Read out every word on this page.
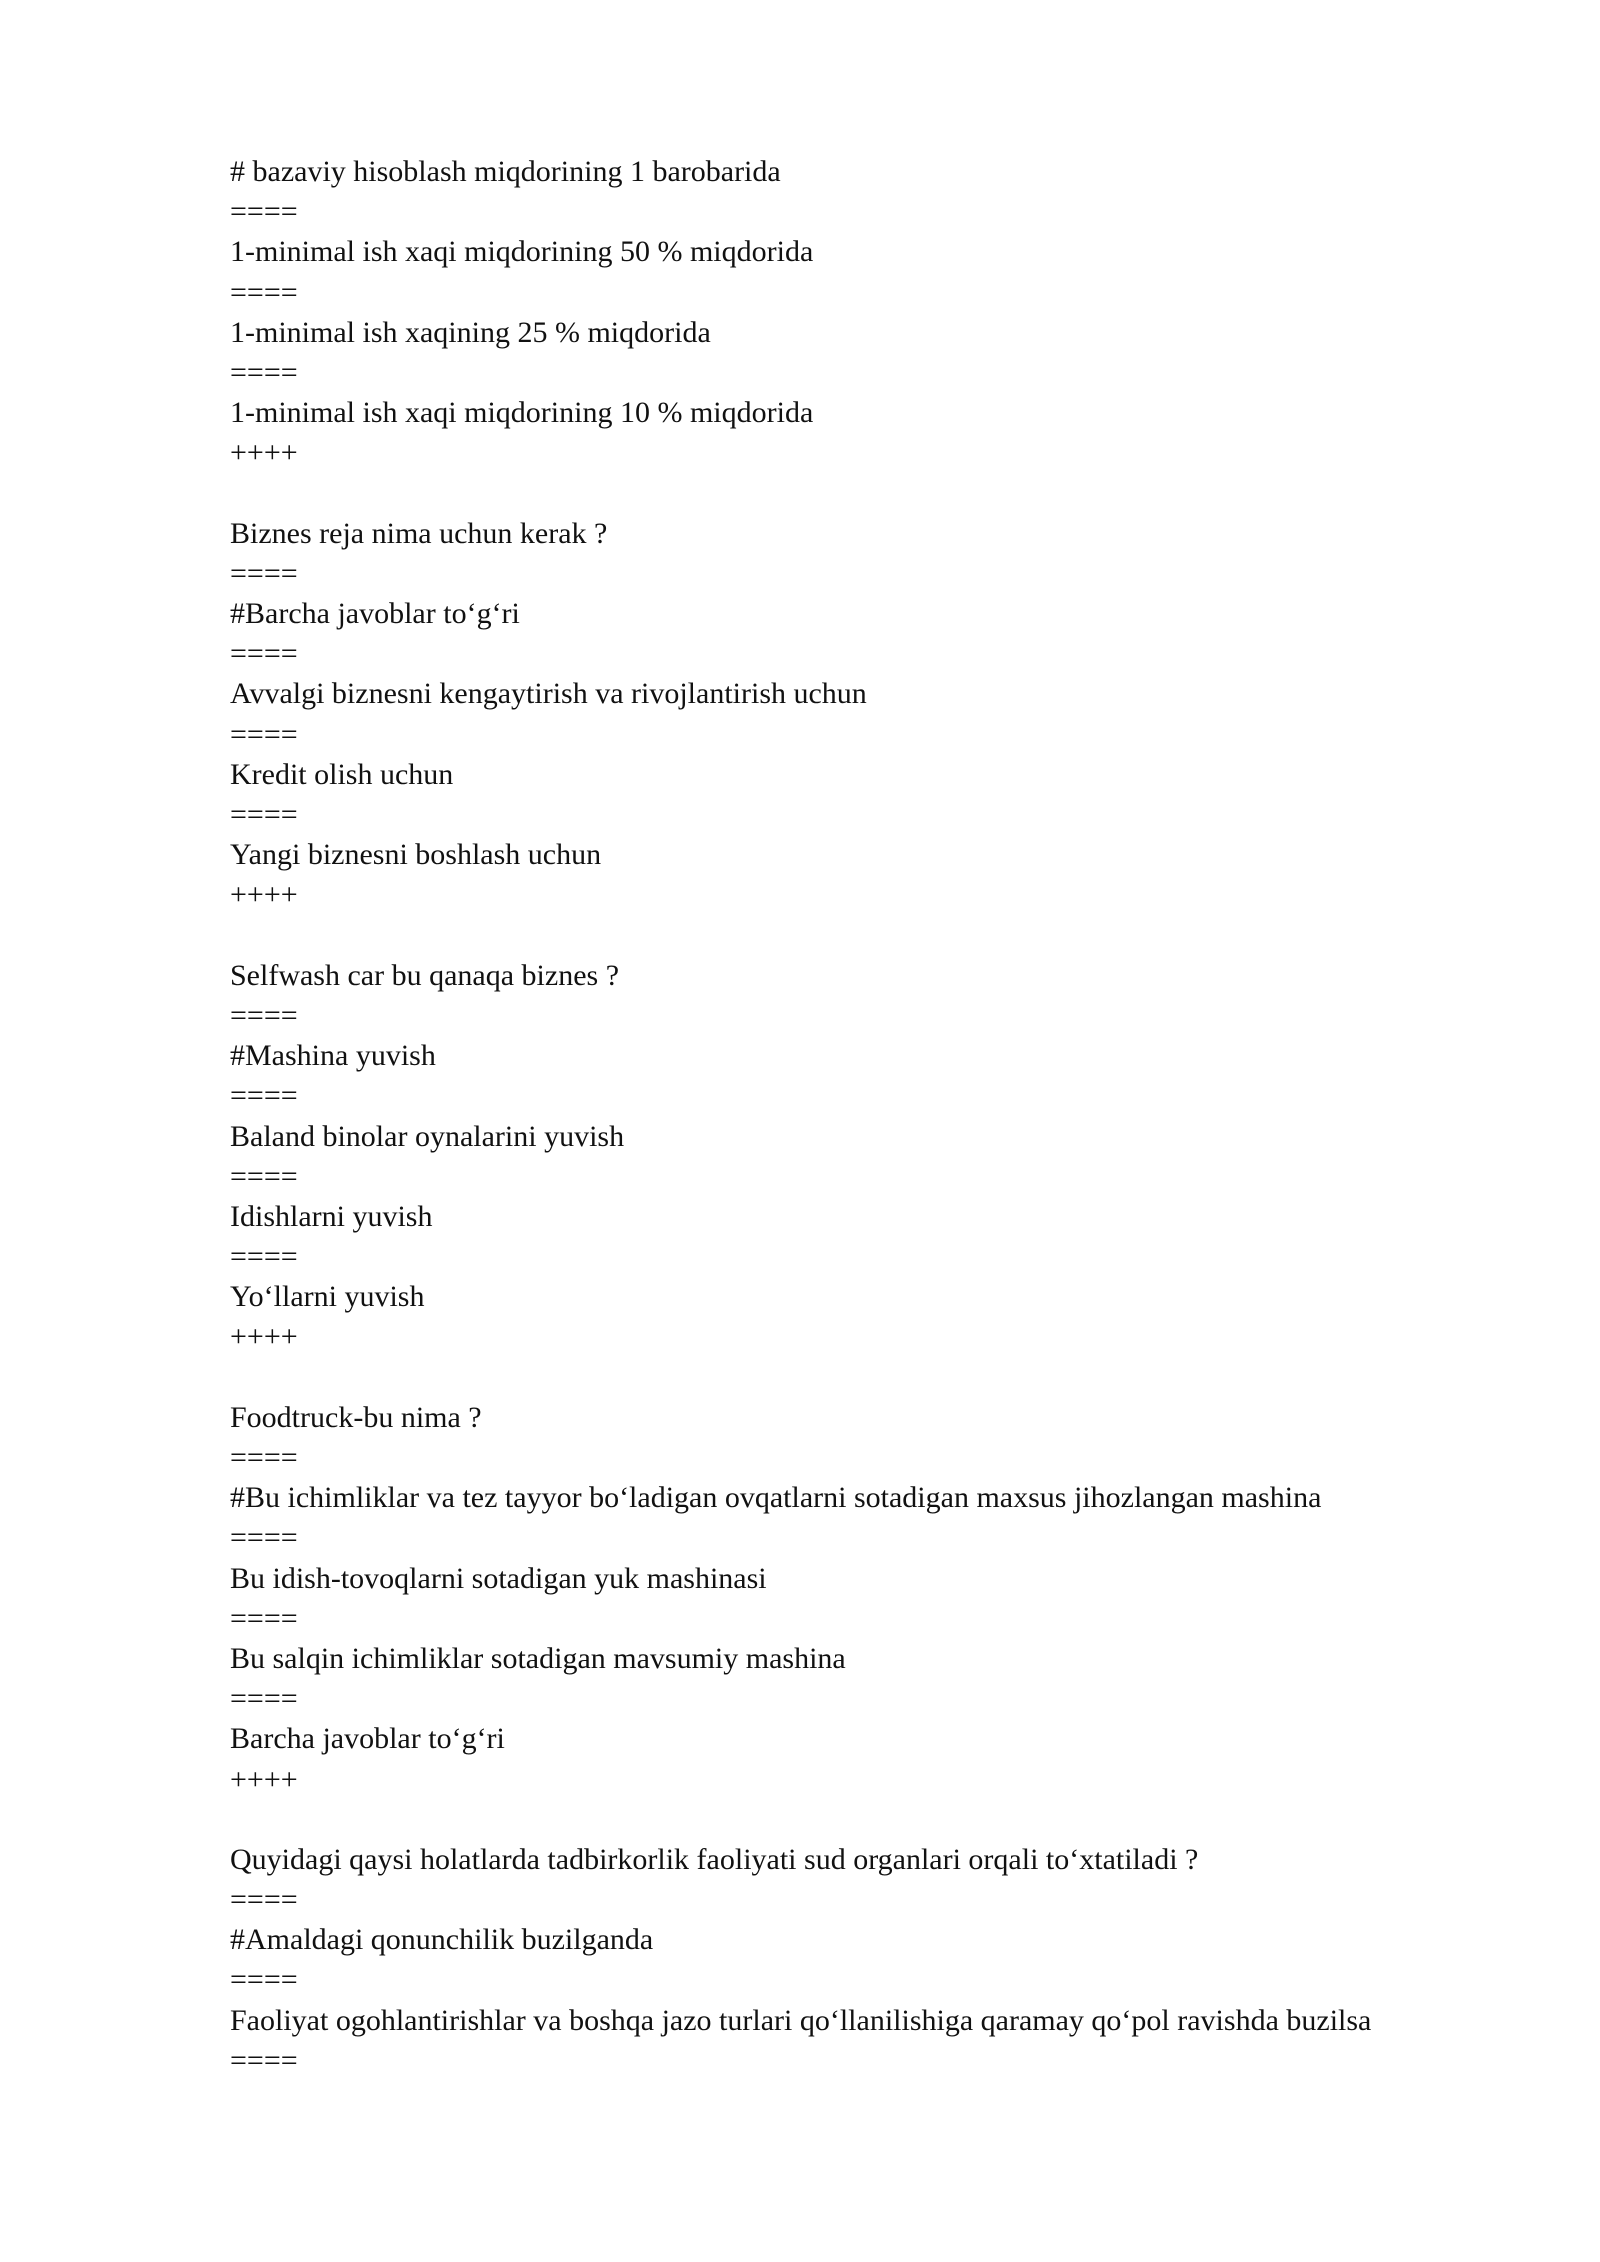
# bazaviy hisoblash miqdorining 1 barobarida
====
1-minimal ish xaqi miqdorining 50 % miqdorida
====
1-minimal ish xaqining 25 % miqdorida
====
1-minimal ish xaqi miqdorining 10 % miqdorida
++++
Biznes reja nima uchun kerak ?
====
#Barcha javoblar to‘g‘ri
====
Avvalgi biznesni kengaytirish va rivojlantirish uchun
====
Kredit olish uchun
====
Yangi biznesni boshlash uchun
++++
Selfwash car bu qanaqa biznes ?
====
#Mashina yuvish
====
Baland binolar oynalarini yuvish
====
Idishlarni yuvish
====
Yo‘llarni yuvish
++++
Foodtruck-bu nima ?
====
#Bu ichimliklar va tez tayyor bo‘ladigan ovqatlarni sotadigan maxsus jihozlangan mashina
====
Bu idish-tovoqlarni sotadigan yuk mashinasi
====
Bu salqin ichimliklar sotadigan mavsumiy mashina
====
Barcha javoblar to‘g‘ri
++++
Quyidagi qaysi holatlarda tadbirkorlik faoliyati sud organlari orqali to‘xtatiladi ?
====
#Amaldagi qonunchilik buzilganda
====
Faoliyat ogohlantirishlar va boshqa jazo turlari qo‘llanilishiga qaramay qo‘pol ravishda buzilsa
====
